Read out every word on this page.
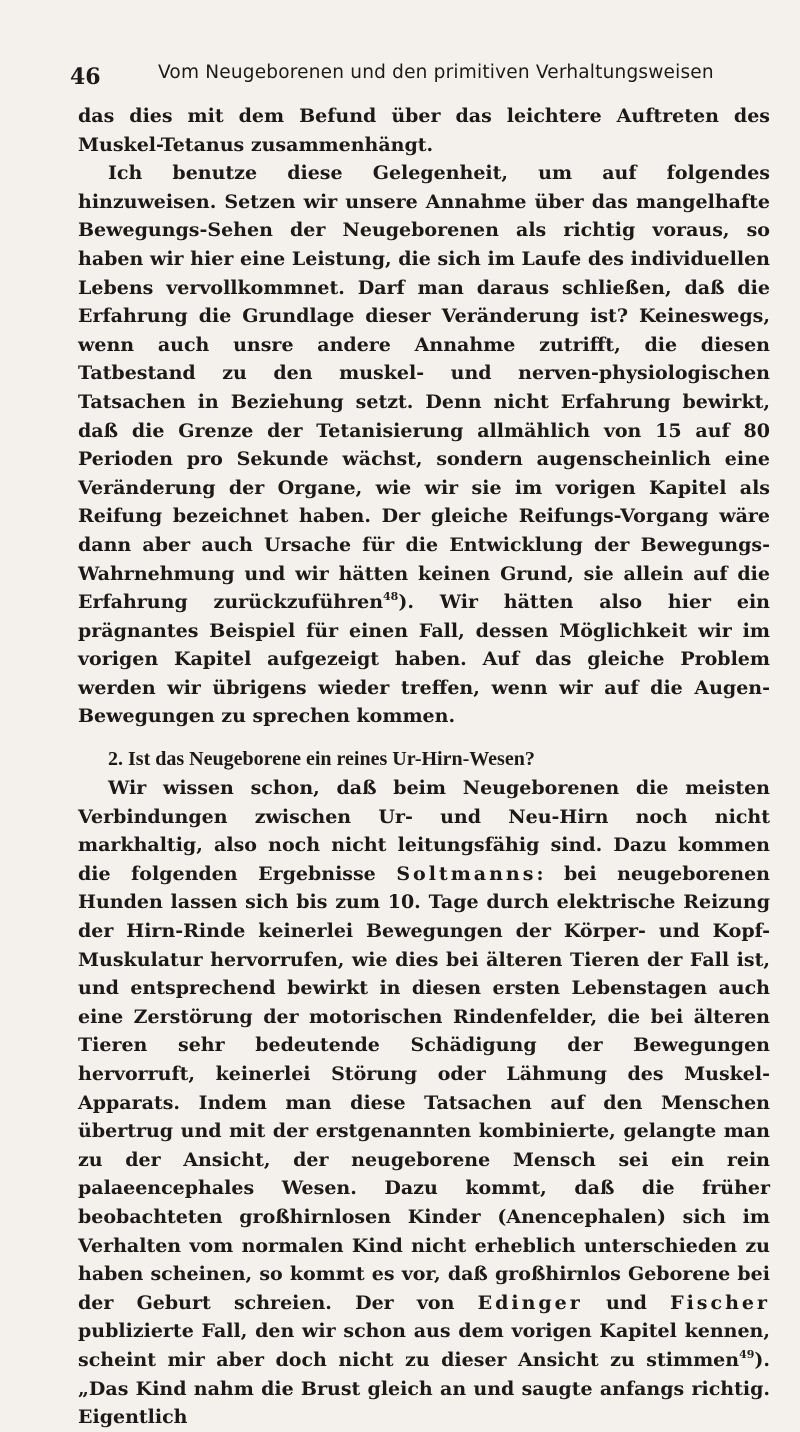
46	Vom Neugeborenen und den primitiven Verhaltungsweisen

das dies mit dem Befund über das leichtere Auftreten des Muskel-Tetanus zusammenhängt.

Ich benutze diese Gelegenheit, um auf folgendes hinzuweisen. Setzen wir unsere Annahme über das mangelhafte Bewegungs-Sehen der Neugeborenen als richtig voraus, so haben wir hier eine Leistung, die sich im Laufe des individuellen Lebens vervollkommnet. Darf man daraus schließen, daß die Erfahrung die Grundlage dieser Veränderung ist? Keineswegs, wenn auch unsre andere Annahme zutrifft, die diesen Tatbestand zu den muskel- und nerven-physiologischen Tatsachen in Beziehung setzt. Denn nicht Erfahrung bewirkt, daß die Grenze der Tetanisierung allmählich von 15 auf 80 Perioden pro Sekunde wächst, sondern augenscheinlich eine Veränderung der Organe, wie wir sie im vorigen Kapitel als Reifung bezeichnet haben. Der gleiche Reifungs-Vorgang wäre dann aber auch Ursache für die Entwicklung der Bewegungs-Wahrnehmung und wir hätten keinen Grund, sie allein auf die Erfahrung zurückzuführen$^{48}$). Wir hätten also hier ein prägnantes Beispiel für einen Fall, dessen Möglichkeit wir im vorigen Kapitel aufgezeigt haben. Auf das gleiche Problem werden wir übrigens wieder treffen, wenn wir auf die Augen-Bewegungen zu sprechen kommen.

2. Ist das Neugeborene ein reines Ur-Hirn-Wesen?

Wir wissen schon, daß beim Neugeborenen die meisten Verbindungen zwischen Ur- und Neu-Hirn noch nicht markhaltig, also noch nicht leitungsfähig sind. Dazu kommen die folgenden Ergebnisse Soltmanns: bei neugeborenen Hunden lassen sich bis zum 10. Tage durch elektrische Reizung der Hirn-Rinde keinerlei Bewegungen der Körper- und Kopf-Muskulatur hervorrufen, wie dies bei älteren Tieren der Fall ist, und entsprechend bewirkt in diesen ersten Lebenstagen auch eine Zerstörung der motorischen Rindenfelder, die bei älteren Tieren sehr bedeutende Schädigung der Bewegungen hervorruft, keinerlei Störung oder Lähmung des Muskel-Apparats. Indem man diese Tatsachen auf den Menschen übertrug und mit der erstgenannten kombinierte, gelangte man zu der Ansicht, der neugeborene Mensch sei ein rein palaeencephales Wesen. Dazu kommt, daß die früher beobachteten großhirnlosen Kinder (Anencephalen) sich im Verhalten vom normalen Kind nicht erheblich unterschieden zu haben scheinen, so kommt es vor, daß großhirnlos Geborene bei der Geburt schreien. Der von Edinger und Fischer publizierte Fall, den wir schon aus dem vorigen Kapitel kennen, scheint mir aber doch nicht zu dieser Ansicht zu stimmen$^{49}$). „Das Kind nahm die Brust gleich an und saugte anfangs richtig. Eigentlich
